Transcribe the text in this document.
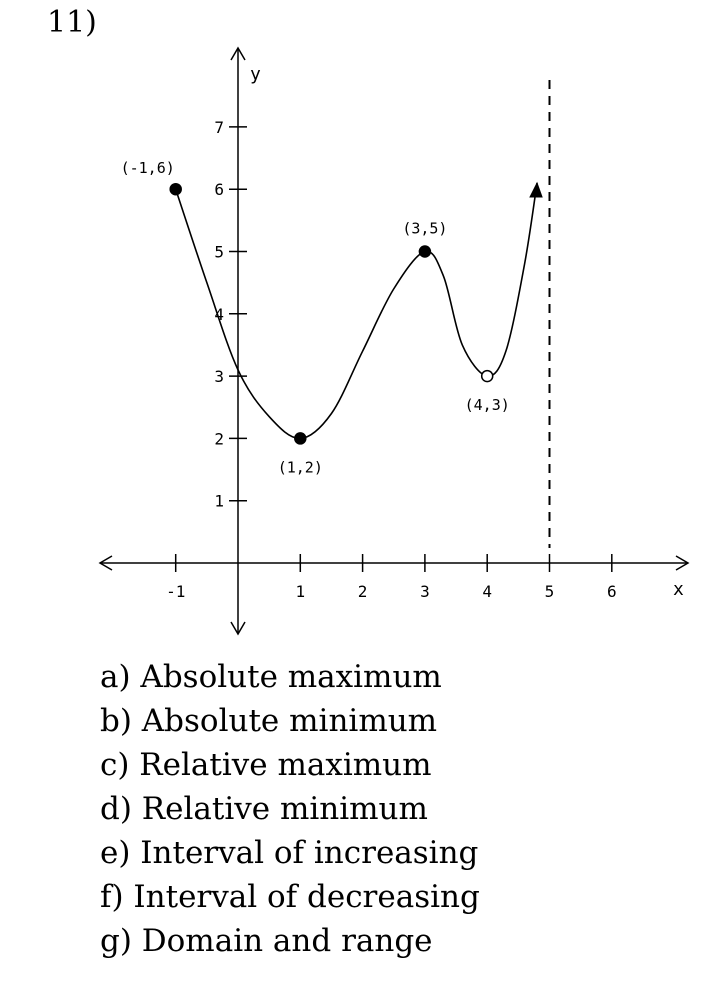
11)
x
y
-1	1	2	3	4	5	6
1
2
3
4
5
6
7
(-1,6)
(1,2)
(3,5)
(4,3)
a) Absolute maximum
b) Absolute minimum
c) Relative maximum
d) Relative minimum
e) Interval of increasing
f) Interval of decreasing
g) Domain and range
